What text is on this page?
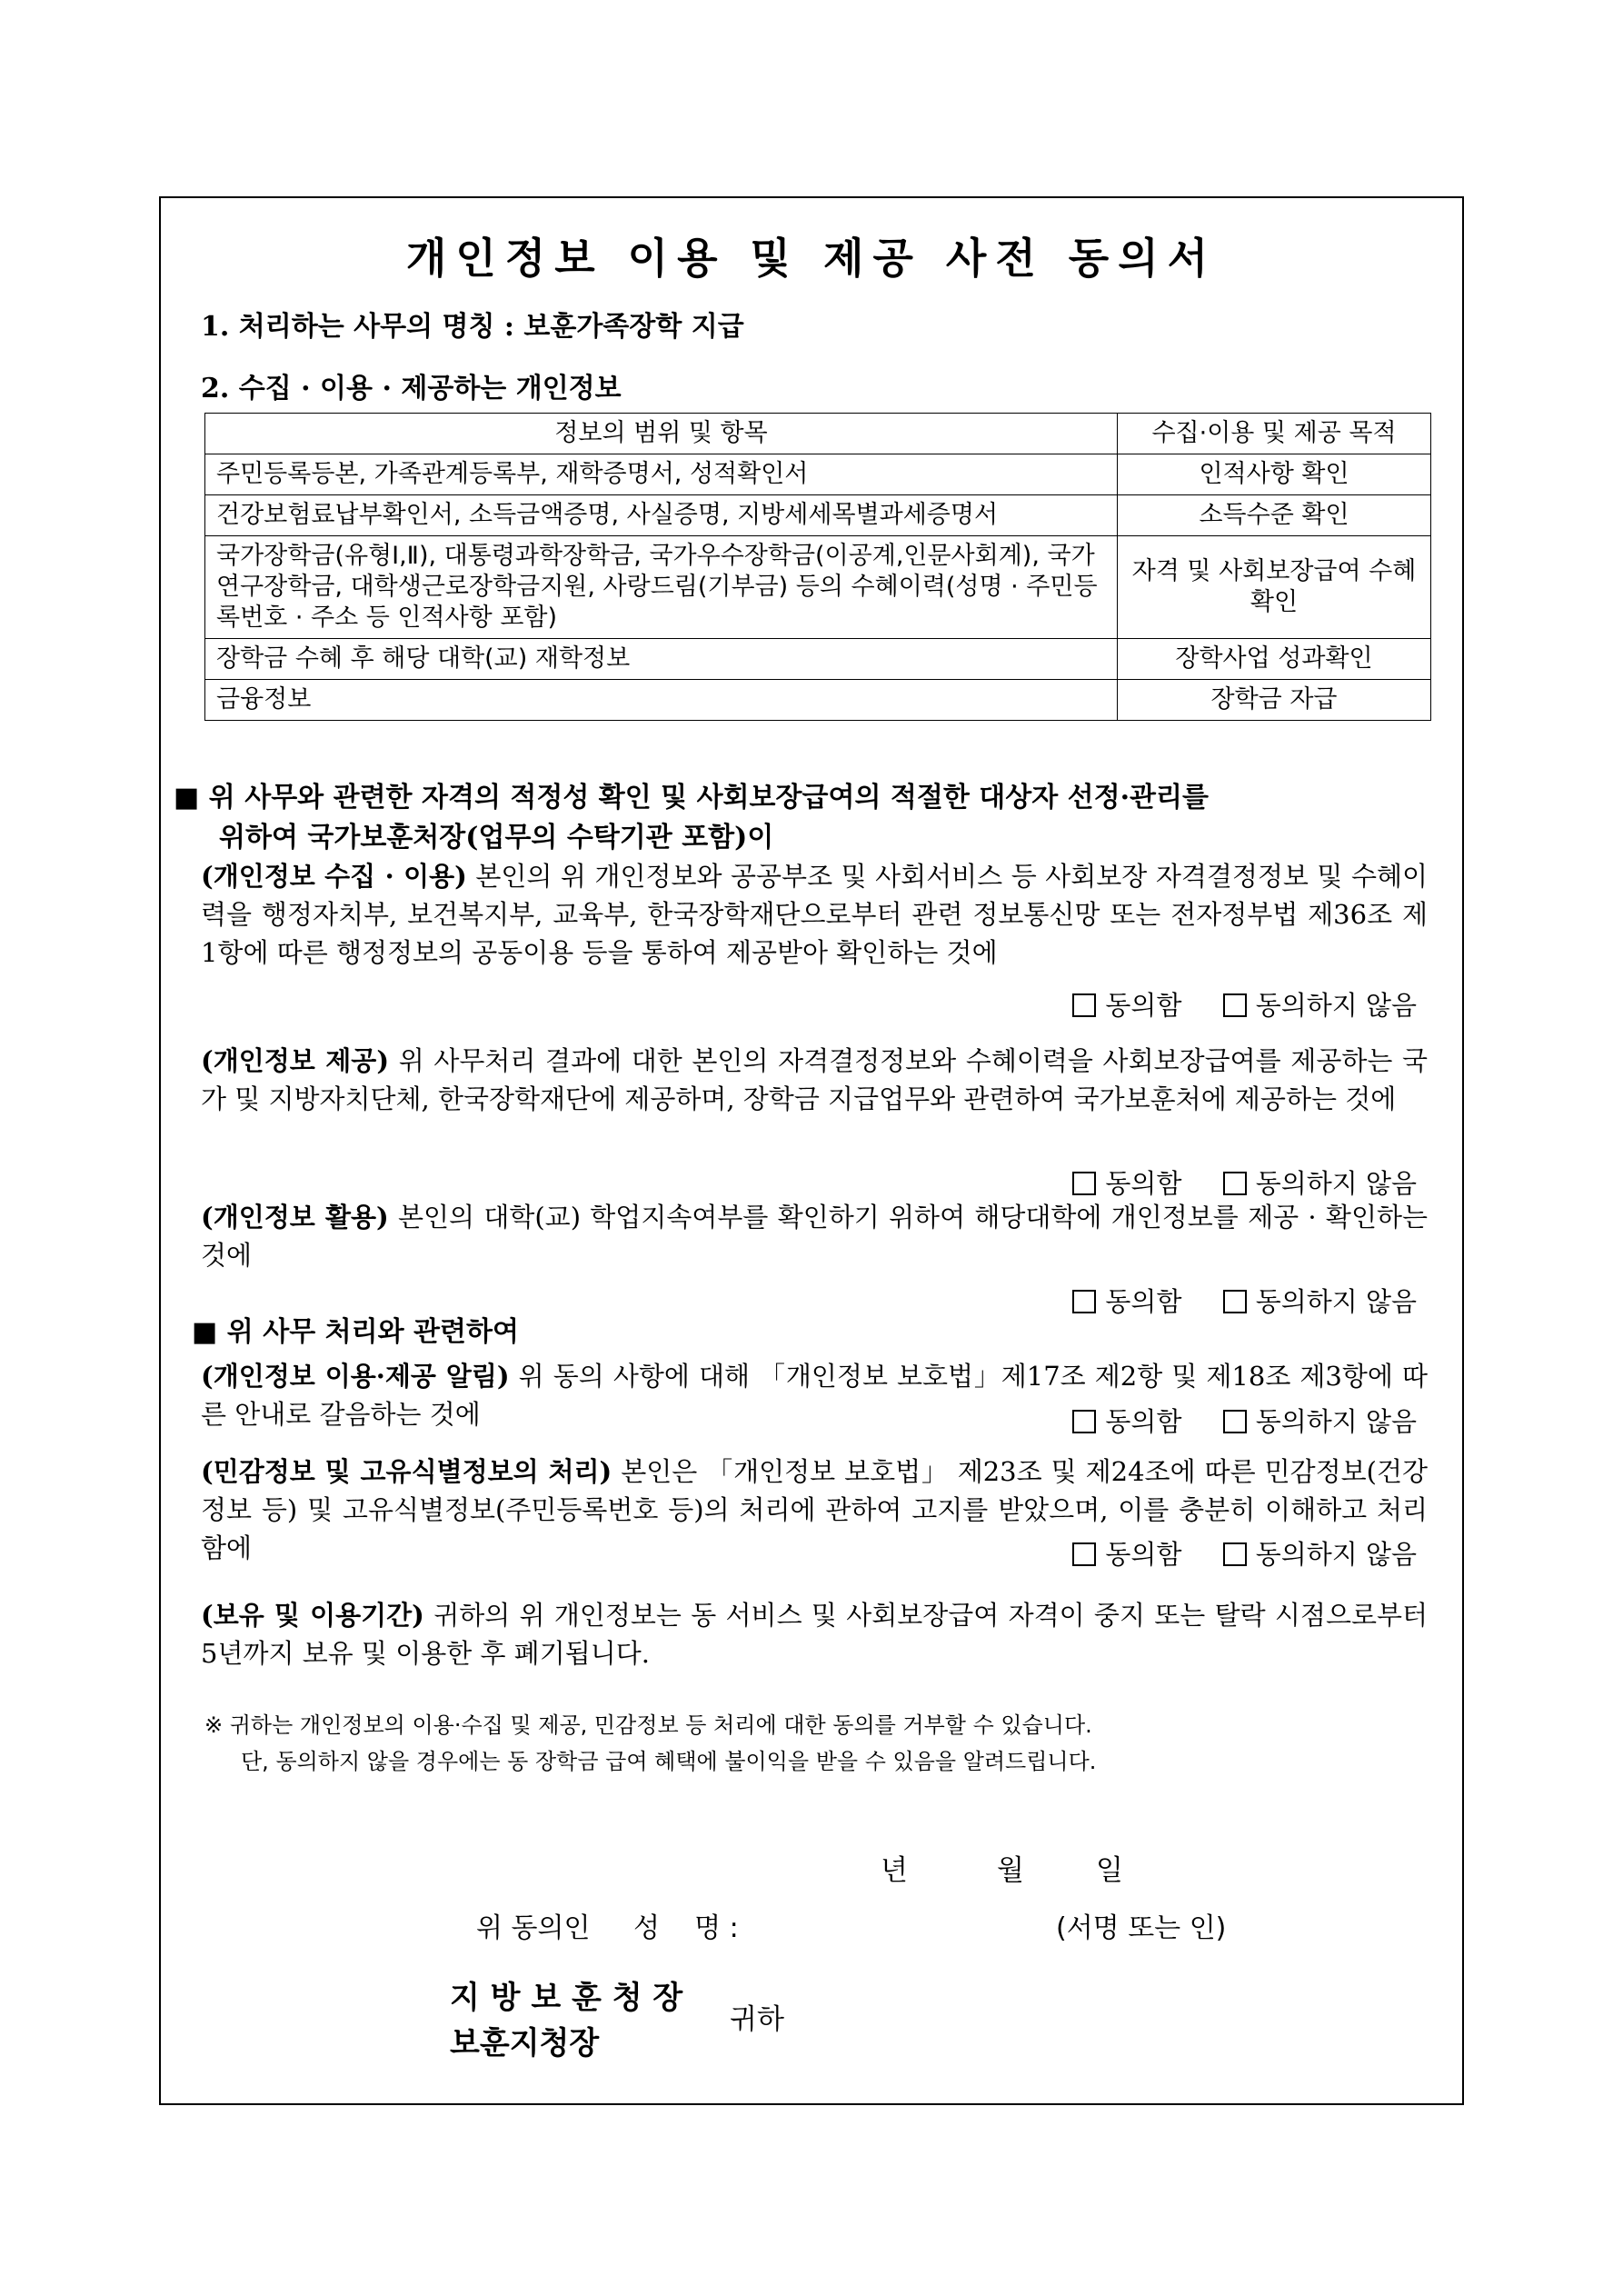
개인정보 이용 및 제공 사전 동의서
1. 처리하는 사무의 명칭 : 보훈가족장학 지급
2. 수집 · 이용 · 제공하는 개인정보
정보의 범위 및 항목	수집·이용 및 제공 목적
주민등록등본, 가족관계등록부, 재학증명서, 성적확인서	인적사항 확인
건강보험료납부확인서, 소득금액증명, 사실증명, 지방세세목별과세증명서	소득수준 확인
국가장학금(유형Ⅰ,Ⅱ), 대통령과학장학금, 국가우수장학금(이공계,인문사회계), 국가연구장학금, 대학생근로장학금지원, 사랑드림(기부금) 등의 수혜이력(성명 · 주민등록번호 · 주소 등 인적사항 포함)	자격 및 사회보장급여 수혜 확인
장학금 수혜 후 해당 대학(교) 재학정보	장학사업 성과확인
금융정보	장학금 자급
■ 위 사무와 관련한 자격의 적정성 확인 및 사회보장급여의 적절한 대상자 선정·관리를
위하여 국가보훈처장(업무의 수탁기관 포함)이
(개인정보 수집 · 이용) 본인의 위 개인정보와 공공부조 및 사회서비스 등 사회보장 자격결정정보 및 수혜이력을 행정자치부, 보건복지부, 교육부, 한국장학재단으로부터 관련 정보통신망 또는 전자정부법 제36조 제1항에 따른 행정정보의 공동이용 등을 통하여 제공받아 확인하는 것에
동의함	동의하지 않음
(개인정보 제공) 위 사무처리 결과에 대한 본인의 자격결정정보와 수혜이력을 사회보장급여를 제공하는 국가 및 지방자치단체, 한국장학재단에 제공하며, 장학금 지급업무와 관련하여 국가보훈처에 제공하는 것에
동의함	동의하지 않음
(개인정보 활용) 본인의 대학(교) 학업지속여부를 확인하기 위하여 해당대학에 개인정보를 제공 · 확인하는 것에
동의함	동의하지 않음
■ 위 사무 처리와 관련하여
(개인정보 이용·제공 알림) 위 동의 사항에 대해 「개인정보 보호법」제17조 제2항 및 제18조 제3항에 따른 안내로 갈음하는 것에	동의함	동의하지 않음
(민감정보 및 고유식별정보의 처리) 본인은 「개인정보 보호법」 제23조 및 제24조에 따른 민감정보(건강정보 등) 및 고유식별정보(주민등록번호 등)의 처리에 관하여 고지를 받았으며, 이를 충분히 이해하고 처리함에	동의함	동의하지 않음
(보유 및 이용기간) 귀하의 위 개인정보는 동 서비스 및 사회보장급여 자격이 중지 또는 탈락 시점으로부터 5년까지 보유 및 이용한 후 폐기됩니다.
※ 귀하는 개인정보의 이용·수집 및 제공, 민감정보 등 처리에 대한 동의를 거부할 수 있습니다.
단, 동의하지 않을 경우에는 동 장학금 급여 혜택에 불이익을 받을 수 있음을 알려드립니다.
년	월	일
위 동의인 성    명 :	(서명 또는 인)
지 방 보 훈 청 장
보훈지청장
귀하
